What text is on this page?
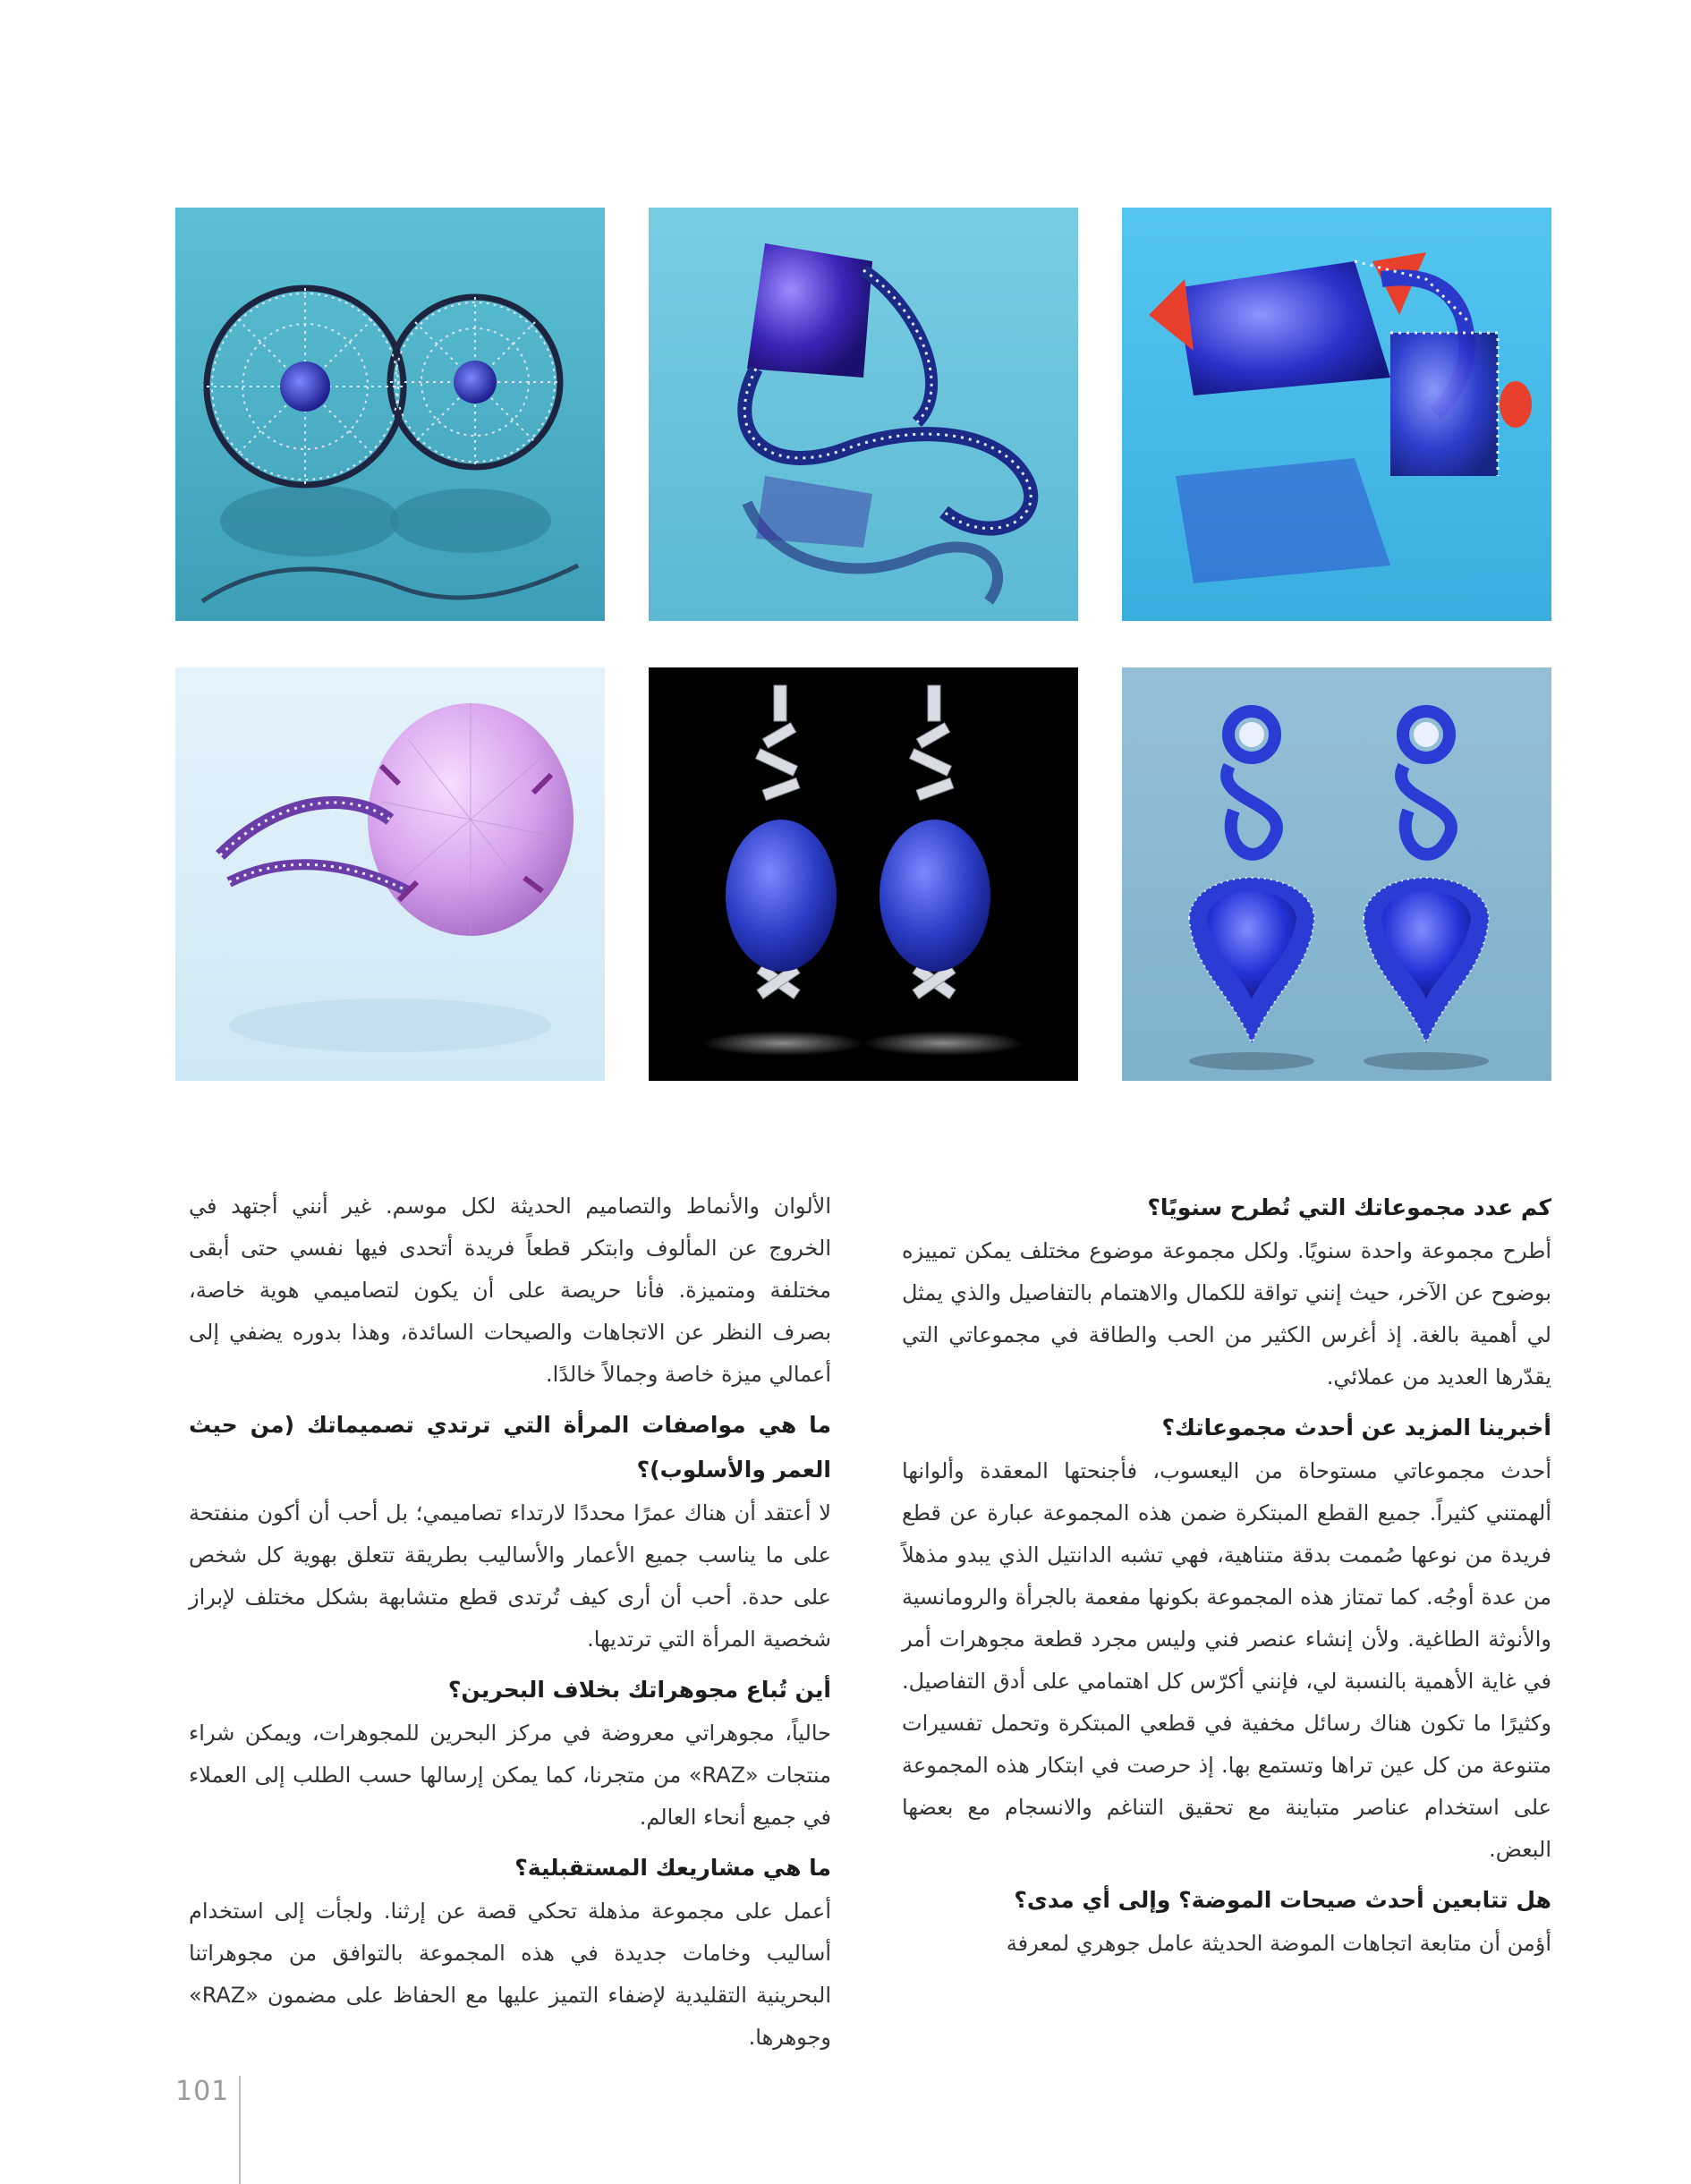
كم عدد مجموعاتك التي تُطرح سنويًا؟

أطرح مجموعة واحدة سنويًا. ولكل مجموعة موضوع مختلف يمكن تمييزه بوضوح عن الآخر، حيث إنني تواقة للكمال والاهتمام بالتفاصيل والذي يمثل لي أهمية بالغة. إذ أغرس الكثير من الحب والطاقة في مجموعاتي التي يقدّرها العديد من عملائي.

أخبرينا المزيد عن أحدث مجموعاتك؟

أحدث مجموعاتي مستوحاة من اليعسوب، فأجنحتها المعقدة وألوانها ألهمتني كثيراً. جميع القطع المبتكرة ضمن هذه المجموعة عبارة عن قطع فريدة من نوعها صُممت بدقة متناهية، فهي تشبه الدانتيل الذي يبدو مذهلاً من عدة أوجُه. كما تمتاز هذه المجموعة بكونها مفعمة بالجرأة والرومانسية والأنوثة الطاغية. ولأن إنشاء عنصر فني وليس مجرد قطعة مجوهرات أمر في غاية الأهمية بالنسبة لي، فإنني أكرّس كل اهتمامي على أدق التفاصيل. وكثيرًا ما تكون هناك رسائل مخفية في قطعي المبتكرة وتحمل تفسيرات متنوعة من كل عين تراها وتستمع بها. إذ حرصت في ابتكار هذه المجموعة على استخدام عناصر متباينة مع تحقيق التناغم والانسجام مع بعضها البعض.

هل تتابعين أحدث صيحات الموضة؟ وإلى أي مدى؟

أؤمن أن متابعة اتجاهات الموضة الحديثة عامل جوهري لمعرفة

الألوان والأنماط والتصاميم الحديثة لكل موسم. غير أنني أجتهد في الخروج عن المألوف وابتكر قطعاً فريدة أتحدى فيها نفسي حتى أبقى مختلفة ومتميزة. فأنا حريصة على أن يكون لتصاميمي هوية خاصة، بصرف النظر عن الاتجاهات والصيحات السائدة، وهذا بدوره يضفي إلى أعمالي ميزة خاصة وجمالاً خالدًا.

ما هي مواصفات المرأة التي ترتدي تصميماتك (من حيث العمر والأسلوب)؟

لا أعتقد أن هناك عمرًا محددًا لارتداء تصاميمي؛ بل أحب أن أكون منفتحة على ما يناسب جميع الأعمار والأساليب بطريقة تتعلق بهوية كل شخص على حدة. أحب أن أرى كيف تُرتدى قطع متشابهة بشكل مختلف لإبراز شخصية المرأة التي ترتديها.

أين تُباع مجوهراتك بخلاف البحرين؟

حالياً، مجوهراتي معروضة في مركز البحرين للمجوهرات، ويمكن شراء منتجات «RAZ» من متجرنا، كما يمكن إرسالها حسب الطلب إلى العملاء في جميع أنحاء العالم.

ما هي مشاريعك المستقبلية؟

أعمل على مجموعة مذهلة تحكي قصة عن إرثنا. ولجأت إلى استخدام أساليب وخامات جديدة في هذه المجموعة بالتوافق من مجوهراتنا البحرينية التقليدية لإضفاء التميز عليها مع الحفاظ على مضمون «RAZ» وجوهرها.

101
